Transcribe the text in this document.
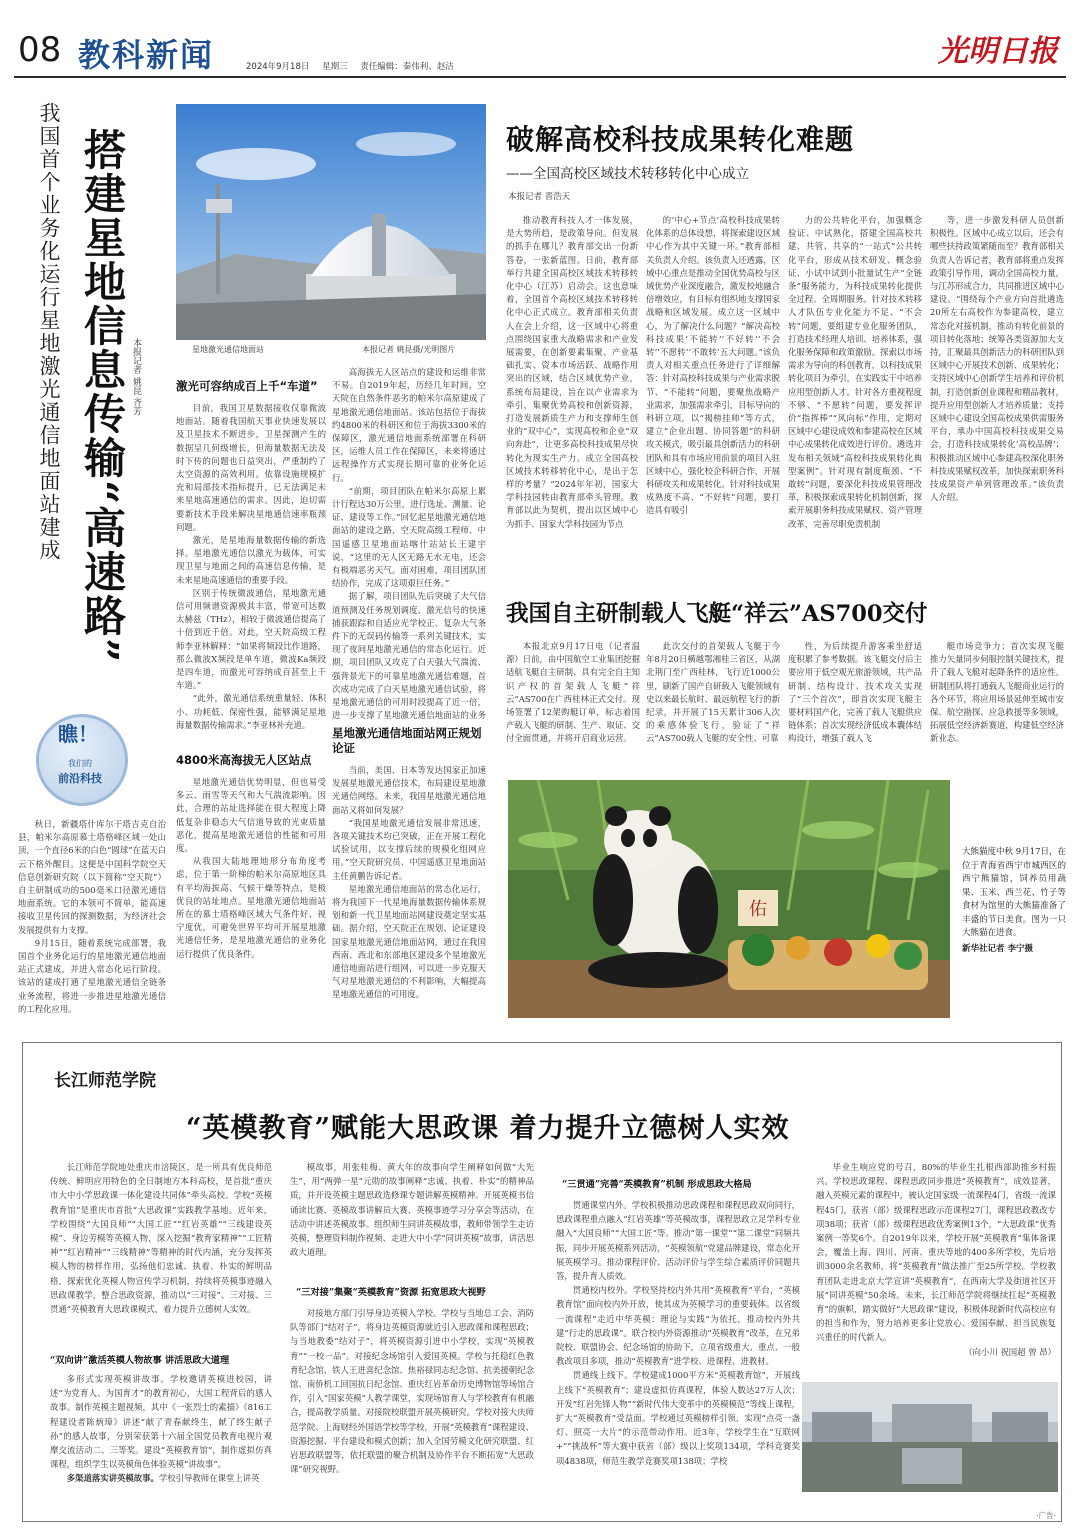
08 教科新闻	2024年9月18日 星期三 责任编辑：秦伟利、赵洁	光明日报
我国首个业务化运行星地激光通信地面站建成 搭建星地信息传输“高速路” 本报记者 姚昆 齐芳	星地激光通信地面站	本报记者 姚昆摄/光明图片
瞧！
我们的
前沿科技

秋日，新疆塔什库尔干塔吉克自治县，帕米尔高原慕士塔格峰区域一处山顶，一个直径6米的白色“圆球”在蓝天白云下格外醒目。这便是中国科学院空天信息创新研究院（以下简称“空天院”）自主研制成功的500毫米口径激光通信地面系统。它的本领可不简单，能高速接收卫星传回的探测数据，为经济社会发展提供有力支撑。

9月15日，随着系统完成部署，我国首个业务化运行的星地激光通信地面站正式建成，并进入常态化运行阶段。该站的建成打通了星地激光通信全链条业务流程，将进一步推进星地激光通信的工程化应用。

激光可容纳成百上千“车道”

目前，我国卫星数据接收仅靠微波地面站。随着我国航天事业快速发展以及卫星技术不断进步，卫星探测产生的数据呈几何级增长，但海量数据无法及时下传的问题也日益突出，严重制约了太空资源的高效利用。依靠设施规模扩充和局部技术指标提升，已无法满足未来星地高速通信的需求。因此，迫切需要新技术手段来解决星地通信速率瓶颈问题。

激光，是星地海量数据传输的新选择。星地激光通信以激光为载体，可实现卫星与地面之间的高速信息传输，是未来星地高速通信的重要手段。

区别于传统微波通信，星地激光通信可用频谱资源极其丰富，带宽可达数太赫兹（THz），相较于微波通信提高了十倍到近千倍。对此，空天院高级工程师李亚林解释：“如果将频段比作道路，那么微波X频段是单车道，微波Ka频段是四车道，而激光可容纳成百甚至上千车道。”

“此外，激光通信系统重量轻、体积小、功耗低、保密性强，能够满足星地海量数据传输需求。”李亚林补充道。

4800米高海拔无人区站点

星地激光通信优势明显，但也易受多云、雨雪等天气和大气湍流影响。因此，合理的站址选择能在很大程度上降低复杂非稳态大气信道导致的光束质量恶化，提高星地激光通信的性能和可用度。

从我国大陆地理地形分布角度考虑，位于第一阶梯的帕米尔高原地区具有平均海拔高、气候干燥等特点，是极优良的站址地点。星地激光通信地面站所在的慕士塔格峰区域大气条件好、视宁度优，可避免世界平均可开展星地激光通信任务，是星地激光通信的业务化运行提供了优良条件。

高海拔无人区站点的建设和运维非常不易。自2019年起，历经几年时间，空天院在自然条件恶劣的帕米尔高原建成了星地激光通信地面站。该站包括位于海拔约4800米的科研区和位于海拔3300米的保障区，激光通信地面系统部署在科研区，运维人员工作在保障区，未来将通过远程操作方式实现长期可靠的业务化运行。

“前期，项目团队在帕米尔高原上累计行程达30万公里，进行选址、测量、论证、建设等工作。”回忆起星地激光通信地面站的建设之路，空天院高级工程师、中国遥感卫星地面站喀什站站长王建宇说，“这里的无人区无路无水无电，还会有极端恶劣天气。面对困难，项目团队团结协作，完成了这项艰巨任务。”

据了解，项目团队先后突破了大气信道预测及任务规划调度、激光信号的快速捕获跟踪和自适应光学校正、复杂大气条件下的无误码传输等一系列关键技术，实现了夜间星地激光通信的常态化运行。近期，项目团队又攻克了白天强大气湍流、强背景光下的可靠星地激光通信难题，首次成功完成了白天星地激光通信试验，将星地激光通信的可用时段提高了近一倍，进一步支撑了星地激光通信地面站的业务

星地激光通信地面站网正规划论证

当前，美国、日本等发达国家正加速发展星地激光通信技术，布局建设星地激光通信网络。未来，我国星地激光通信地面站又将如何发展？

“我国星地激光通信发展非常迅速，各项关键技术均已突破，正在开展工程化试验试用，以支撑后续的规模化组网应用。”空天院研究员、中国遥感卫星地面站主任黄鹏告诉记者。

星地激光通信地面站的常态化运行，将为我国下一代星地海量数据传输体系规划和新一代卫星地面站网建设奠定坚实基础。据介绍，空天院正在规划、论证建设国家星地激光通信地面站网，通过在我国西南、西北和东部地区建设多个星地激光通信地面站进行组网，可以进一步克服天气对星地激光通信的不利影响，大幅提高星地激光通信的可用度。

破解高校科技成果转化难题
——全国高校区域技术转移转化中心成立
本报记者 晋浩天

推动教育科技人才一体发展，是大势所趋，是政策导向。但发展的抓手在哪儿？教育部交出一份新答卷，一张新蓝图。日前，教育部举行共建全国高校区域技术转移转化中心（江苏）启动会。这也意味着，全国首个高校区域技术转移转化中心正式成立。教育部相关负责人在会上介绍，这一区域中心将重点围绕国家重大战略需求和产业发展需要，在创新要素集聚、产业基础扎实、资本市场活跃、战略作用突出的区域，结合区域优势产业，系统布局建设，旨在以产业需求为牵引，集聚优势高校和创新资源，打造发展新质生产力和支撑师生创业的“双中心”，实现高校和企业“双向奔赴”，让更多高校科技成果尽快转化为现实生产力。成立全国高校区域技术转移转化中心，是出于怎样的考量？“2024年年初，国家大学科技园转由教育部牵头管理。教育部以此为契机，提出以区域中心为抓手、国家大学科技园为节点

的‘中心+节点’高校科技成果转化体系的总体设想，将探索建设区域中心作为其中关键一环。”教育部相关负责人介绍。该负责人还透露，区域中心重点是推动全国优势高校与区域优势产业深度融合，激发校地融合倍增效应，有目标有组织地支撑国家战略和区域发展。成立这一区域中心，为了解决什么问题？“解决高校科技成果‘不能转’‘不好转’‘不会转’‘不愿转’‘不敢转’五大问题。”该负责人对相关重点任务进行了详细解答：针对高校科技成果与产业需求脱节、“不能转”问题，要聚焦战略产业需求，加强需求牵引，目标导向的科研立项，以“揭榜挂帅”等方式，建立“企业出题、协同答题”的科研攻关模式，吸引最具创新活力的科研团队和具有市场应用前景的项目入驻区域中心，强化校企科研合作，开展科研攻关和成果转化。针对科技成果成熟度不高、“不好转”问题，要打造具有吸引

力的公共转化平台，加强概念验证、中试熟化，搭建全国高校共建、共管、共享的“一站式”公共转化平台，形成从技术研发、概念验证、小试中试到小批量试生产“全链条”服务能力，为科技成果转化提供全过程、全周期服务。针对技术转移人才队伍专业化能力不足、“不会转”问题，要组建专业化服务团队，打造技术经理人培训、培养体系，强化服务保障和政策激励。探索以市场需求为导向的科创教育，以科技成果转化项目为牵引，在实践实干中培养应用型创新人才。针对各方重视程度不够、“不愿转”问题，要发挥评价“指挥棒”“风向标”作用，定期对区域中心建设成效和参建高校在区域中心成果转化成效进行评价。遴选并发布相关领域“高校科技成果转化典型案例”。针对现有制度瓶颈、“不敢转”问题，要深化科技成果管理改革，积极探索成果转化机制创新，探索开展职务科技成果赋权、资产管理改革，完善尽职免责机制

等，进一步激发科研人员创新积极性。区域中心成立以后，还会有哪些扶持政策紧随而至？教育部相关负责人告诉记者，教育部将重点发挥政策引导作用，调动全国高校力量，与江苏形成合力，共同推进区域中心建设。“围绕每个产业方向首批遴选20所左右高校作为参建高校，建立常态化对接机制，推动有转化前景的项目转化落地；统筹各类资源加大支持，汇聚最具创新活力的科研团队到区域中心开展技术创新、成果转化；支持区域中心创新学生培养和评价机制，打造创新创业课程和精品教材，提升应用型创新人才培养质量；支持区域中心建设全国高校成果供需服务平台，承办中国高校科技成果交易会，打造科技成果转化‘高校品牌’；积极推动区域中心参建高校深化职务科技成果赋权改革，加快探索职务科技成果资产单列管理改革。”该负责人介绍。

我国自主研制载人飞艇“祥云”AS700交付

本报北京9月17日电（记者温源）日前，由中国航空工业集团挖掘适航飞艇自主研制、具有完全自主知识产权的首架载人飞艇“祥云”AS700在广西桂林正式交付。现场签署了12架购艇订单，标志着国产载人飞艇的研制、生产、取证、交付全面贯通，并将开启商业运营。

此次交付的首架载人飞艇于今年8月20日横越鄂湘桂三省区，从湖北荆门至广西桂林，飞行近1000公里，刷新了国产自研载人飞艇领域有史以来最长航时、最远航程飞行的新纪录，并开展了15天累计306人次的乘感体验飞行，验证了“祥云”AS700载人飞艇的安全性、可靠

性，为后续提升游客乘坐舒适度积累了参考数据。该飞艇交付后主要应用于低空观光旅游领域，共产品研制、结构设计、技术攻关实现了“三个首次”，即首次实现飞艇主要材料国产化，完善了载人飞艇供应链体系；首次实现经济低成本囊体结构设计，增强了载人飞

艇市场竞争力；首次实现飞艇推力矢量同步伺服控制关键技术，提升了载人飞艇对起降条件的适应性。研制团队将打通载人飞艇商业运行的各个环节，将应用场景延伸至城市安保、航空勘探、应急救援等多领域，拓展低空经济新赛道，构建低空经济新业态。

佑
大熊猫度中秋 9月17日，在位于青海省西宁市城西区的西宁熊猫馆，饲养员用蔬果、玉米、西兰花、竹子等食材为馆里的大熊猫准备了丰盛的节日美食。图为一只大熊猫在进食。
新华社记者 李宁摄
长江师范学院
“英模教育”赋能大思政课 着力提升立德树人实效

长江师范学院地处重庆市涪陵区，是一所具有优良师范传统、鲜明应用特色的全日制地方本科高校，是首批“重庆市大中小学思政课一体化建设共同体”牵头高校。学校“英模教育馆”是重庆市首批“大思政课”实践教学基地。近年来，学校围绕“大国良师”“大国工匠”“红岩英雄”“三线建设英模”、身边劳模等英模人物，深入挖掘“教育家精神”“工匠精神”“红岩精神”“三线精神”等精神的时代内涵，充分发挥英模人物的榜样作用，弘扬他们忠诚、执着、朴实的鲜明品格，探索优化英模人物宣传学习机制，持续将英模事迹融入思政课教学，整合思政资源，推动以“三对接”、三对接、三贯通”英模教育大思政课模式，着力提升立德树人实效。

“双向讲”激活英模人物故事 讲活思政大道理

多形式实现英模讲故事。学校邀请英模进校园，讲述“为党育人、为国育才”的教育初心，大国工程背后的感人故事。制作英模主题视频，其中《一张烈士的素描》《816工程建设者陈炳璋》讲述“献了青春献终生，献了终生献子孙”的感人故事，分别荣获第十六届全国党员教育电视片观摩交流活动二、三等奖。建设“英模教育馆”，制作虚拟仿真课程，组织学生以英模角色体验英模“讲故事”。

多渠道落实讲英模故事。学校引导教师在课堂上讲英

模故事，用张桂梅、黄大年的故事向学生阐释如何做“大先生”，用“两弹一星”元勋的故事阐释“忠诚、执着、朴实”的精神品质，并开设英模主题思政选修课专题讲解英模精神。开展英模书信诵读比赛、英模故事讲解员大赛、英模事迹学习分享会等活动，在活动中讲述英模故事。组织师生同讲英模故事，教师带领学生走访英模，整理资料制作视频、走进大中小学“同讲英模”故事，讲活思政大道理。

“三对接”集聚“英模教育”资源 拓宽思政大视野

对接地方部门引导身边英模入学校。学校与当地总工会、消防队等部门“结对子”，将身边英模资源就近引入思政课和课程思政；与当地教委“结对子”，将英模资源引进中小学校，实现“英模教育”“一校一品”。对接纪念场馆引入爱国英模。学校与托稳红色教育纪念馆、铁人王进喜纪念馆、焦裕禄同志纪念馆、抗美援朝纪念馆、南侨机工回国抗日纪念馆、重庆红岩革命历史博物馆等场馆合作，引入“国家英模”人教学课堂，实现场馆育人与学校教育有机融合，提高教学质量。对接院校联盟开展英模研究。学校对接大庆师范学院、上海财经外国语学校等学校，开展“英模教育”课程建设、资源挖掘、平台建设和模式创新；加入全国劳模文化研究联盟、红岩思政联盟等，依托联盟的聚合机制及协作平台不断拓宽“大思政课”研究视野。

“三贯通”完善“英模教育”机制 形成思政大格局

贯通课堂内外。学校积极推动思政课程和课程思政双向同行，思政课程重点融入“红岩英雄”等英模故事，课程思政立足学科专业融入“大国良师”“大国工匠”等。推动“第一课堂”“第二课堂”同频共振，同步开展英模系列活动，“英模领航”党建品牌建设，常态化开展英模学习。推动课程评价、活动评价与学生综合素质评价同题共答，提升育人质效。

贯通校内校外。学校坚持校内外共用“英模教育”平台，“英模教育馆”面向校内外开放，使其成为英模学习的重要载体。以省级一流课程“走近中华英模：理论与实践”为依托，推动校内外共建“行走的思政课”。联合校内外资源推动“英模教育”改革，在兄弟院校、联盟协会、纪念场馆的协助下，立项省级重大、重点、一般教改项目多项，推动“英模教育”进学校、进课程、进教材。

贯通线上线下。学校建成1000平方米“英模教育馆”，开展线上线下“英模教育”；建设虚拟仿真课程，体验人数达27万人次；开发“红岩先锋人物”“新时代伟大变革中的英模模范”等线上课程，扩大“英模教育”受益面。学校通过英模榜样引领，实现“点亮一盏灯、照亮一大片”的示范带动作用。近3年，学校学生在“互联网+”“挑战杯”等大赛中获省（部）级以上奖项134项，学科竞赛奖项4838项，师范生教学竞赛奖项138项；学校

毕业生响应党的号召，80%的毕业生扎根西部助推乡村振兴。学校思政课程、课程思政同步推进“英模教育”，成效显著，融入英模元素的课程中，被认定国家级一流课程4门，省级一流课程45门，获省（部）级课程思政示范课程27门，课程思政教改专项38项；获省（部）级课程思政优秀案例13个，“大思政课”优秀案例一等奖6个。自2019年以来，学校开展“英模教育”集体备课会，覆盖上海、四川、河南、重庆等地的400多所学校，先后培训3000余名教师，将“英模教育”做法推广至25所学校。学校教育团队走进北京大学宣讲“英模教育”，在西南大学及街道社区开展“同讲英模”50余场。未来，长江师范学院将继续扛起“英模教育”的旗帜，踏实做好“大思政课”建设，积极体现新时代高校应有的担当和作为，努力培养更多让党放心、爱国奉献、担当民族复兴重任的时代新人。

（向小川 祝国超 曾 昂）

·广告·
